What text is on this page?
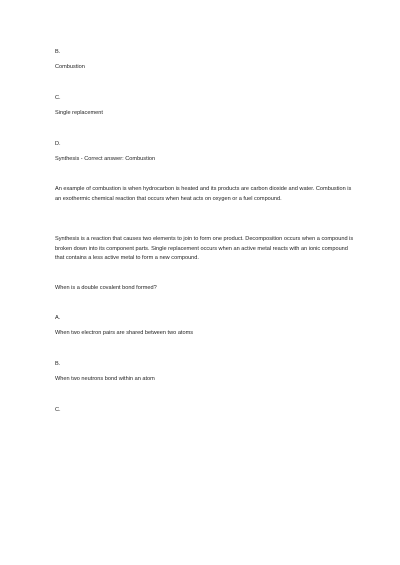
B.
Combustion
C.
Single replacement
D.
Synthesis - Correct answer: Combustion
An example of combustion is when hydrocarbon is heated and its products are carbon dioxide and water. Combustion is an exothermic chemical reaction that occurs when heat acts on oxygen or a fuel compound.
Synthesis is a reaction that causes two elements to join to form one product. Decomposition occurs when a compound is broken down into its component parts. Single replacement occurs when an active metal reacts with an ionic compound that contains a less active metal to form a new compound.
When is a double covalent bond formed?
A.
When two electron pairs are shared between two atoms
B.
When two neutrons bond within an atom
C.
